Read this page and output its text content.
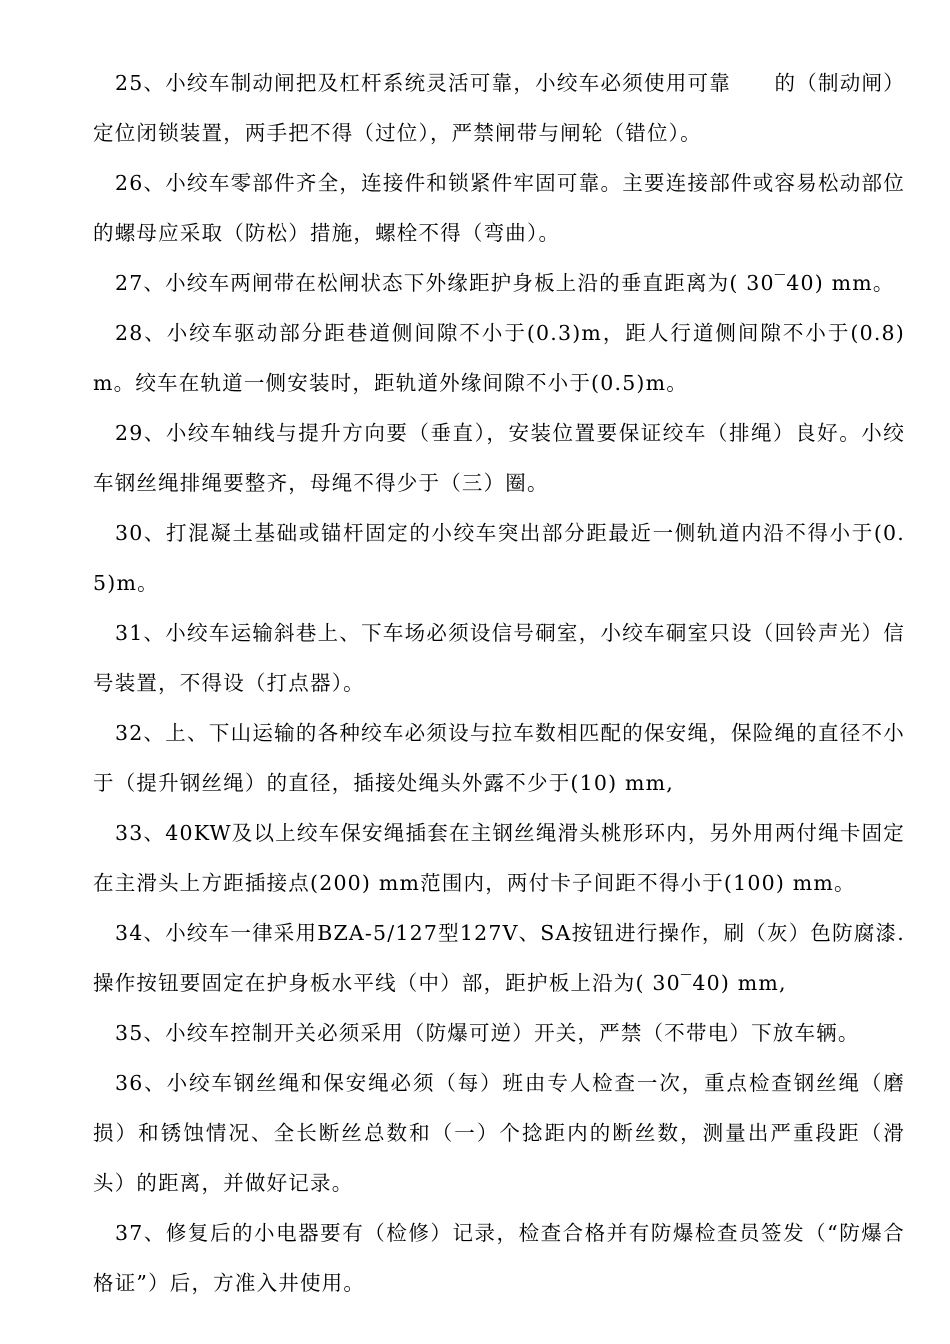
25、小绞车制动闸把及杠杆系统灵活可靠，小绞车必须使用可靠　　的（制动闸）定位闭锁装置，两手把不得（过位），严禁闸带与闸轮（错位）。

26、小绞车零部件齐全，连接件和锁紧件牢固可靠。主要连接部件或容易松动部位的螺母应采取（防松）措施，螺栓不得（弯曲）。

27、小绞车两闸带在松闸状态下外缘距护身板上沿的垂直距离为( 30‾40) mm。

28、小绞车驱动部分距巷道侧间隙不小于(0.3)m，距人行道侧间隙不小于(0.8)m。绞车在轨道一侧安装时，距轨道外缘间隙不小于(0.5)m。

29、小绞车轴线与提升方向要（垂直），安装位置要保证绞车（排绳）良好。小绞车钢丝绳排绳要整齐，母绳不得少于（三）圈。

30、打混凝土基础或锚杆固定的小绞车突出部分距最近一侧轨道内沿不得小于(0.5)m。

31、小绞车运输斜巷上、下车场必须设信号硐室，小绞车硐室只设（回铃声光）信号装置，不得设（打点器）。

32、上、下山运输的各种绞车必须设与拉车数相匹配的保安绳，保险绳的直径不小于（提升钢丝绳）的直径，插接处绳头外露不少于(10) mm,

33、40KW及以上绞车保安绳插套在主钢丝绳滑头桃形环内，另外用两付绳卡固定在主滑头上方距插接点(200) mm范围内，两付卡子间距不得小于(100) mm。

34、小绞车一律采用BZA-5/127型127V、SA按钮进行操作，刷（灰）色防腐漆.操作按钮要固定在护身板水平线（中）部，距护板上沿为( 30‾40) mm,

35、小绞车控制开关必须采用（防爆可逆）开关，严禁（不带电）下放车辆。

36、小绞车钢丝绳和保安绳必须（每）班由专人检查一次，重点检查钢丝绳（磨损）和锈蚀情况、全长断丝总数和（一）个捻距内的断丝数，测量出严重段距（滑头）的距离，并做好记录。

37、修复后的小电器要有（检修）记录，检查合格并有防爆检查员签发（“防爆合格证”）后，方准入井使用。
